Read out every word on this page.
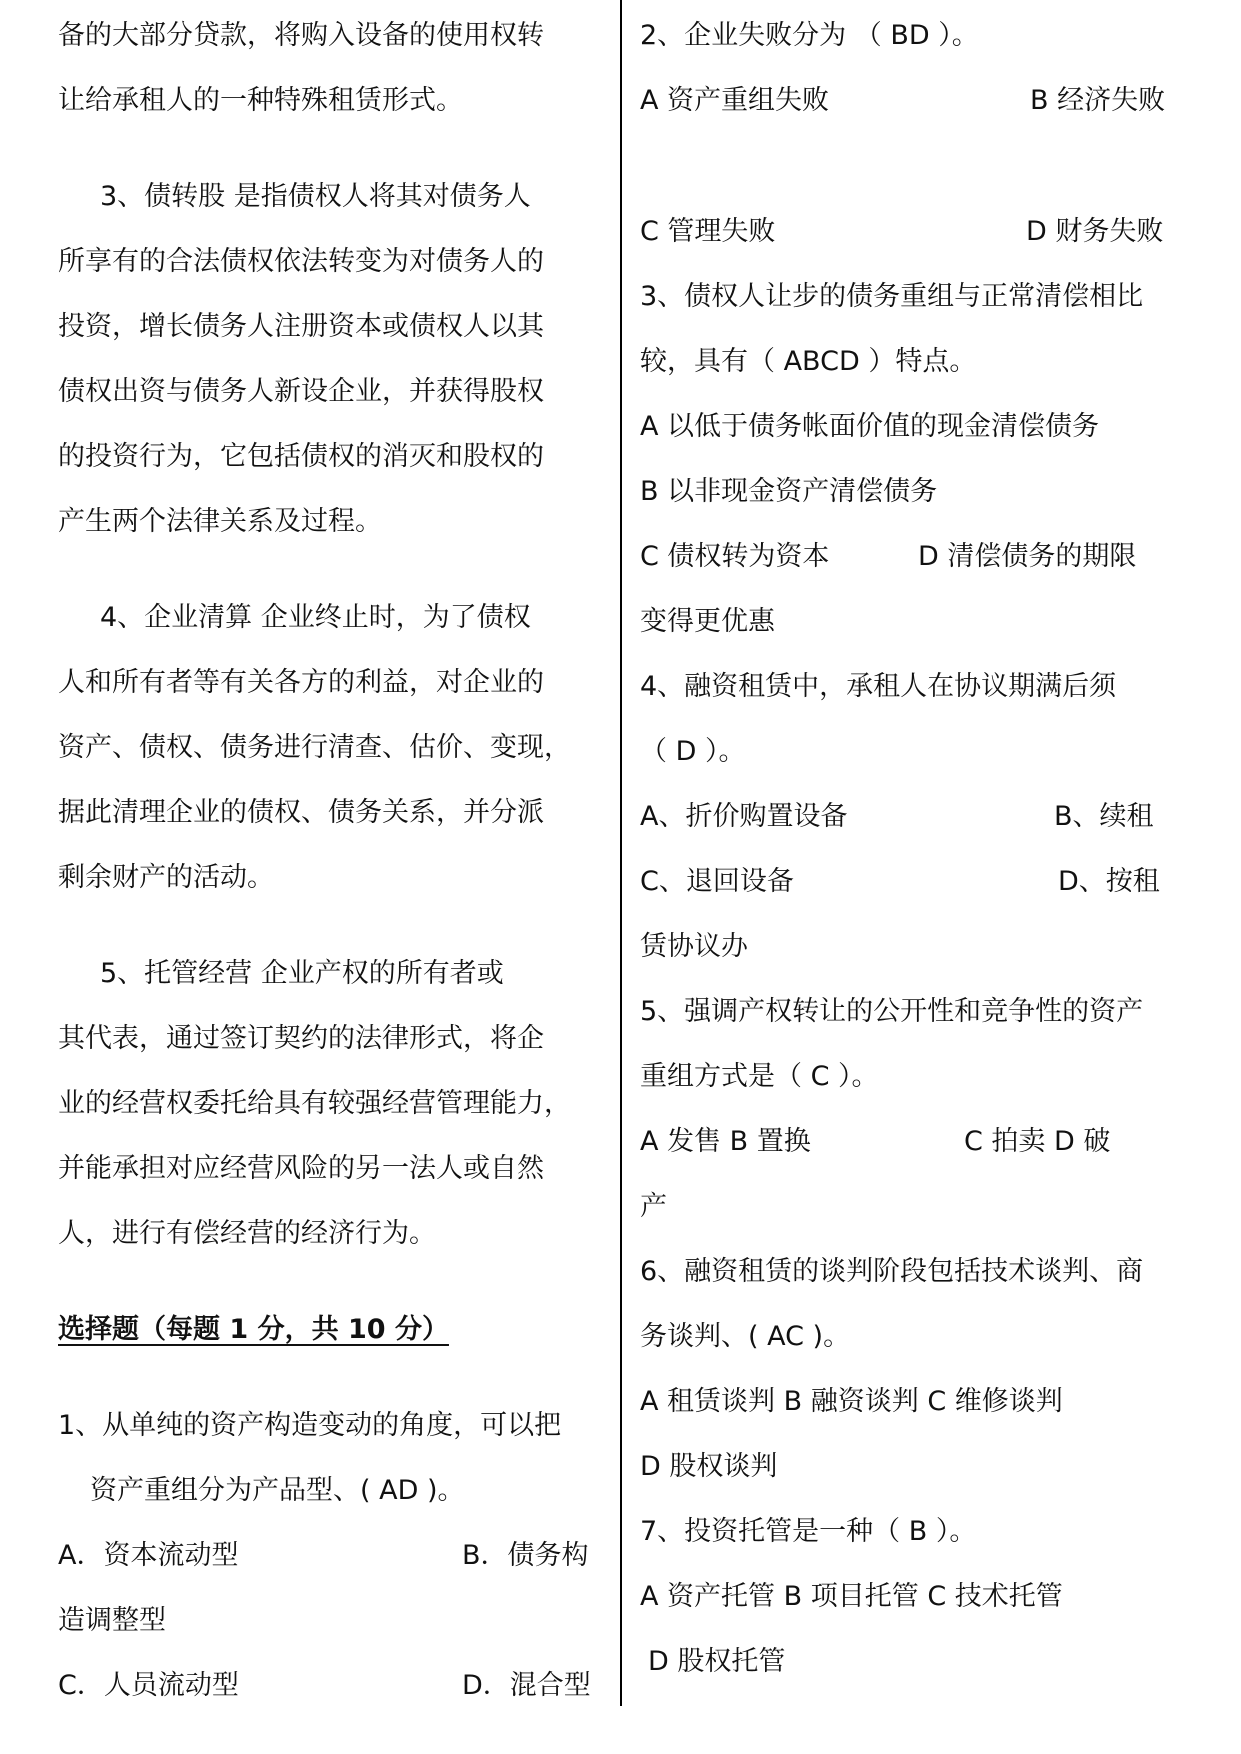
备的大部分贷款，将购入设备的使用权转
让给承租人的一种特殊租赁形式。
3、债转股 是指债权人将其对债务人
所享有的合法债权依法转变为对债务人的
投资，增长债务人注册资本或债权人以其
债权出资与债务人新设企业，并获得股权
的投资行为，它包括债权的消灭和股权的
产生两个法律关系及过程。
4、企业清算 企业终止时，为了债权
人和所有者等有关各方的利益，对企业的
资产、债权、债务进行清查、估价、变现，
据此清理企业的债权、债务关系，并分派
剩余财产的活动。
5、托管经营 企业产权的所有者或
其代表，通过签订契约的法律形式，将企
业的经营权委托给具有较强经营管理能力，
并能承担对应经营风险的另一法人或自然
人，进行有偿经营的经济行为。
选择题（每题 1 分，共 10 分）
1、从单纯的资产构造变动的角度，可以把
资产重组分为产品型、( AD )。
A．资本流动型	B．债务构
造调整型
C．人员流动型	D．混合型
2、企业失败分为 （ BD ）。
A 资产重组失败	B 经济失败
C 管理失败	D 财务失败
3、债权人让步的债务重组与正常清偿相比
较，具有（ ABCD ）特点。
A 以低于债务帐面价值的现金清偿债务
B 以非现金资产清偿债务
C 债权转为资本	D 清偿债务的期限
变得更优惠
4、融资租赁中，承租人在协议期满后须
（ D ）。
A、折价购置设备	B、续租
C、退回设备	D、按租
赁协议办
5、强调产权转让的公开性和竞争性的资产
重组方式是（ C ）。
A 发售 B 置换	C 拍卖 D 破
产
6、融资租赁的谈判阶段包括技术谈判、商
务谈判、( AC )。
A 租赁谈判 B 融资谈判 C 维修谈判
D 股权谈判
7、投资托管是一种（ B ）。
A 资产托管 B 项目托管 C 技术托管
D 股权托管
